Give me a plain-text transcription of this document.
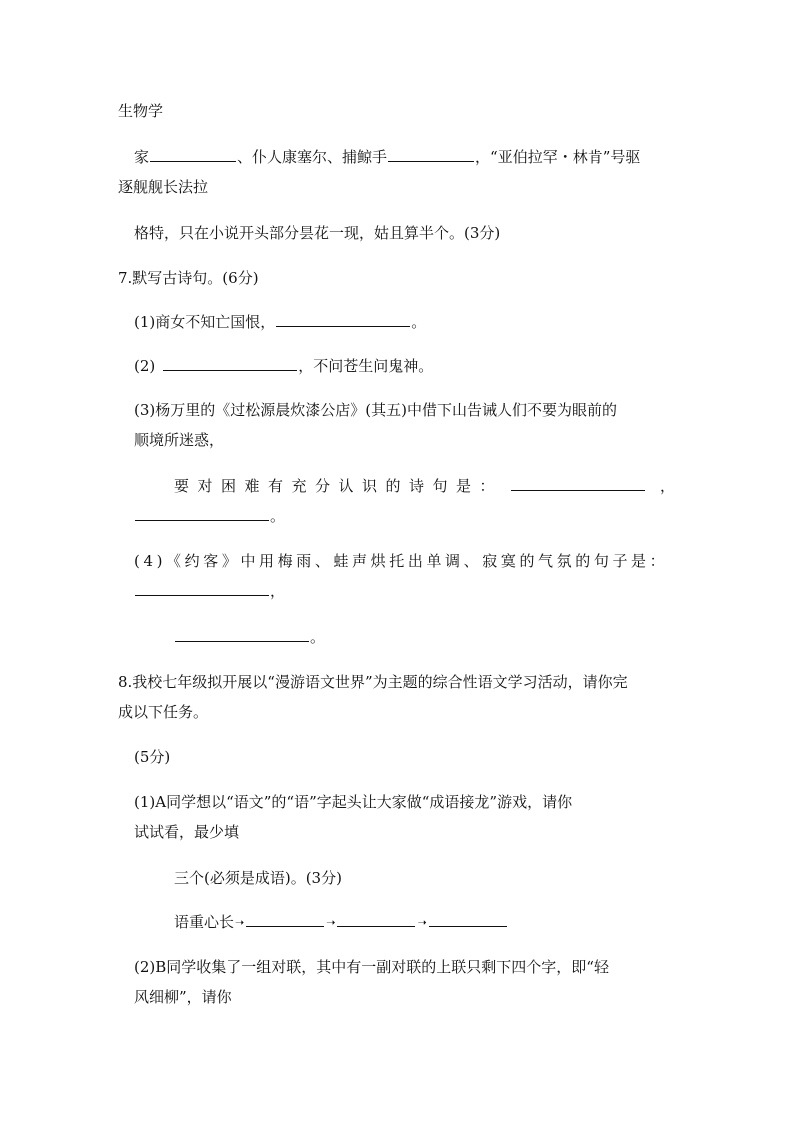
生物学
家	、仆人康塞尔、捕鲸手	，“亚伯拉罕・林肯”号驱
逐舰舰长法拉
格特，只在小说开头部分昙花一现，姑且算半个。(3分)
7.默写古诗句。(6分)
(1)商女不知亡国恨，	。
(2)	，不问苍生问鬼神。
(3)杨万里的《过松源晨炊漆公店》(其五)中借下山告诫人们不要为眼前的
顺境所迷惑，
要对困难有充分认识的诗句是：	，
。
(4)《约客》中用梅雨、蛙声烘托出单调、寂寞的气氛的句子是：
，
。
8.我校七年级拟开展以“漫游语文世界”为主题的综合性语文学习活动，请你完
成以下任务。
(5分)
(1)A同学想以“语文”的“语”字起头让大家做“成语接龙”游戏，请你
试试看，最少填
三个(必须是成语)。(3分)
语重心长➝	➝	➝
(2)B同学收集了一组对联，其中有一副对联的上联只剩下四个字，即“轻
风细柳”，请你
